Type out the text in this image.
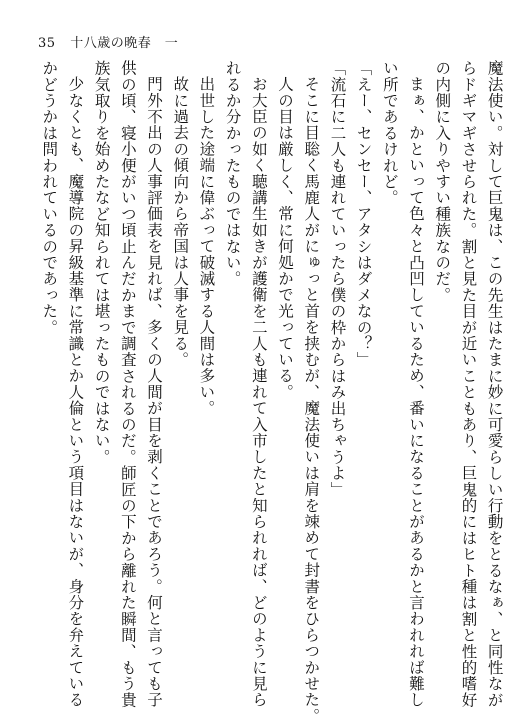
35 十八歳の晩春　一
魔法使い。対して巨鬼は、この先生はたまに妙に可愛らしい行動をとるなぁ、と同性なが
らドギマギさせられた。割と見た目が近いこともあり、巨鬼的にはヒト種は割と性的嗜好
の内側に入りやすい種族なのだ。
まぁ、かといって色々と凸凹しているため、番いになることがあるかと言われれば難し
い所であるけれど。
「えー、センセー、アタシはダメなの？」
「流石に二人も連れていったら僕の枠からはみ出ちゃうよ」
そこに目聡く馬鹿人がにゅっと首を挟むが、魔法使いは肩を竦めて封書をひらつかせた。
人の目は厳しく、常に何処かで光っている。
お大臣の如く聴講生如きが護衛を二人も連れて入市したと知られれば、どのように見ら
れるか分かったものではない。
出世した途端に偉ぶって破滅する人間は多い。
故に過去の傾向から帝国は人事を見る。
門外不出の人事評価表を見れば、多くの人間が目を剥くことであろう。何と言っても子
供の頃、寝小便がいつ頃止んだかまで調査されるのだ。師匠の下から離れた瞬間、もう貴
族気取りを始めたなど知られては堪ったものではない。
少なくとも、魔導院の昇級基準に常識とか人倫という項目はないが、身分を弁えている
かどうかは問われているのであった。
